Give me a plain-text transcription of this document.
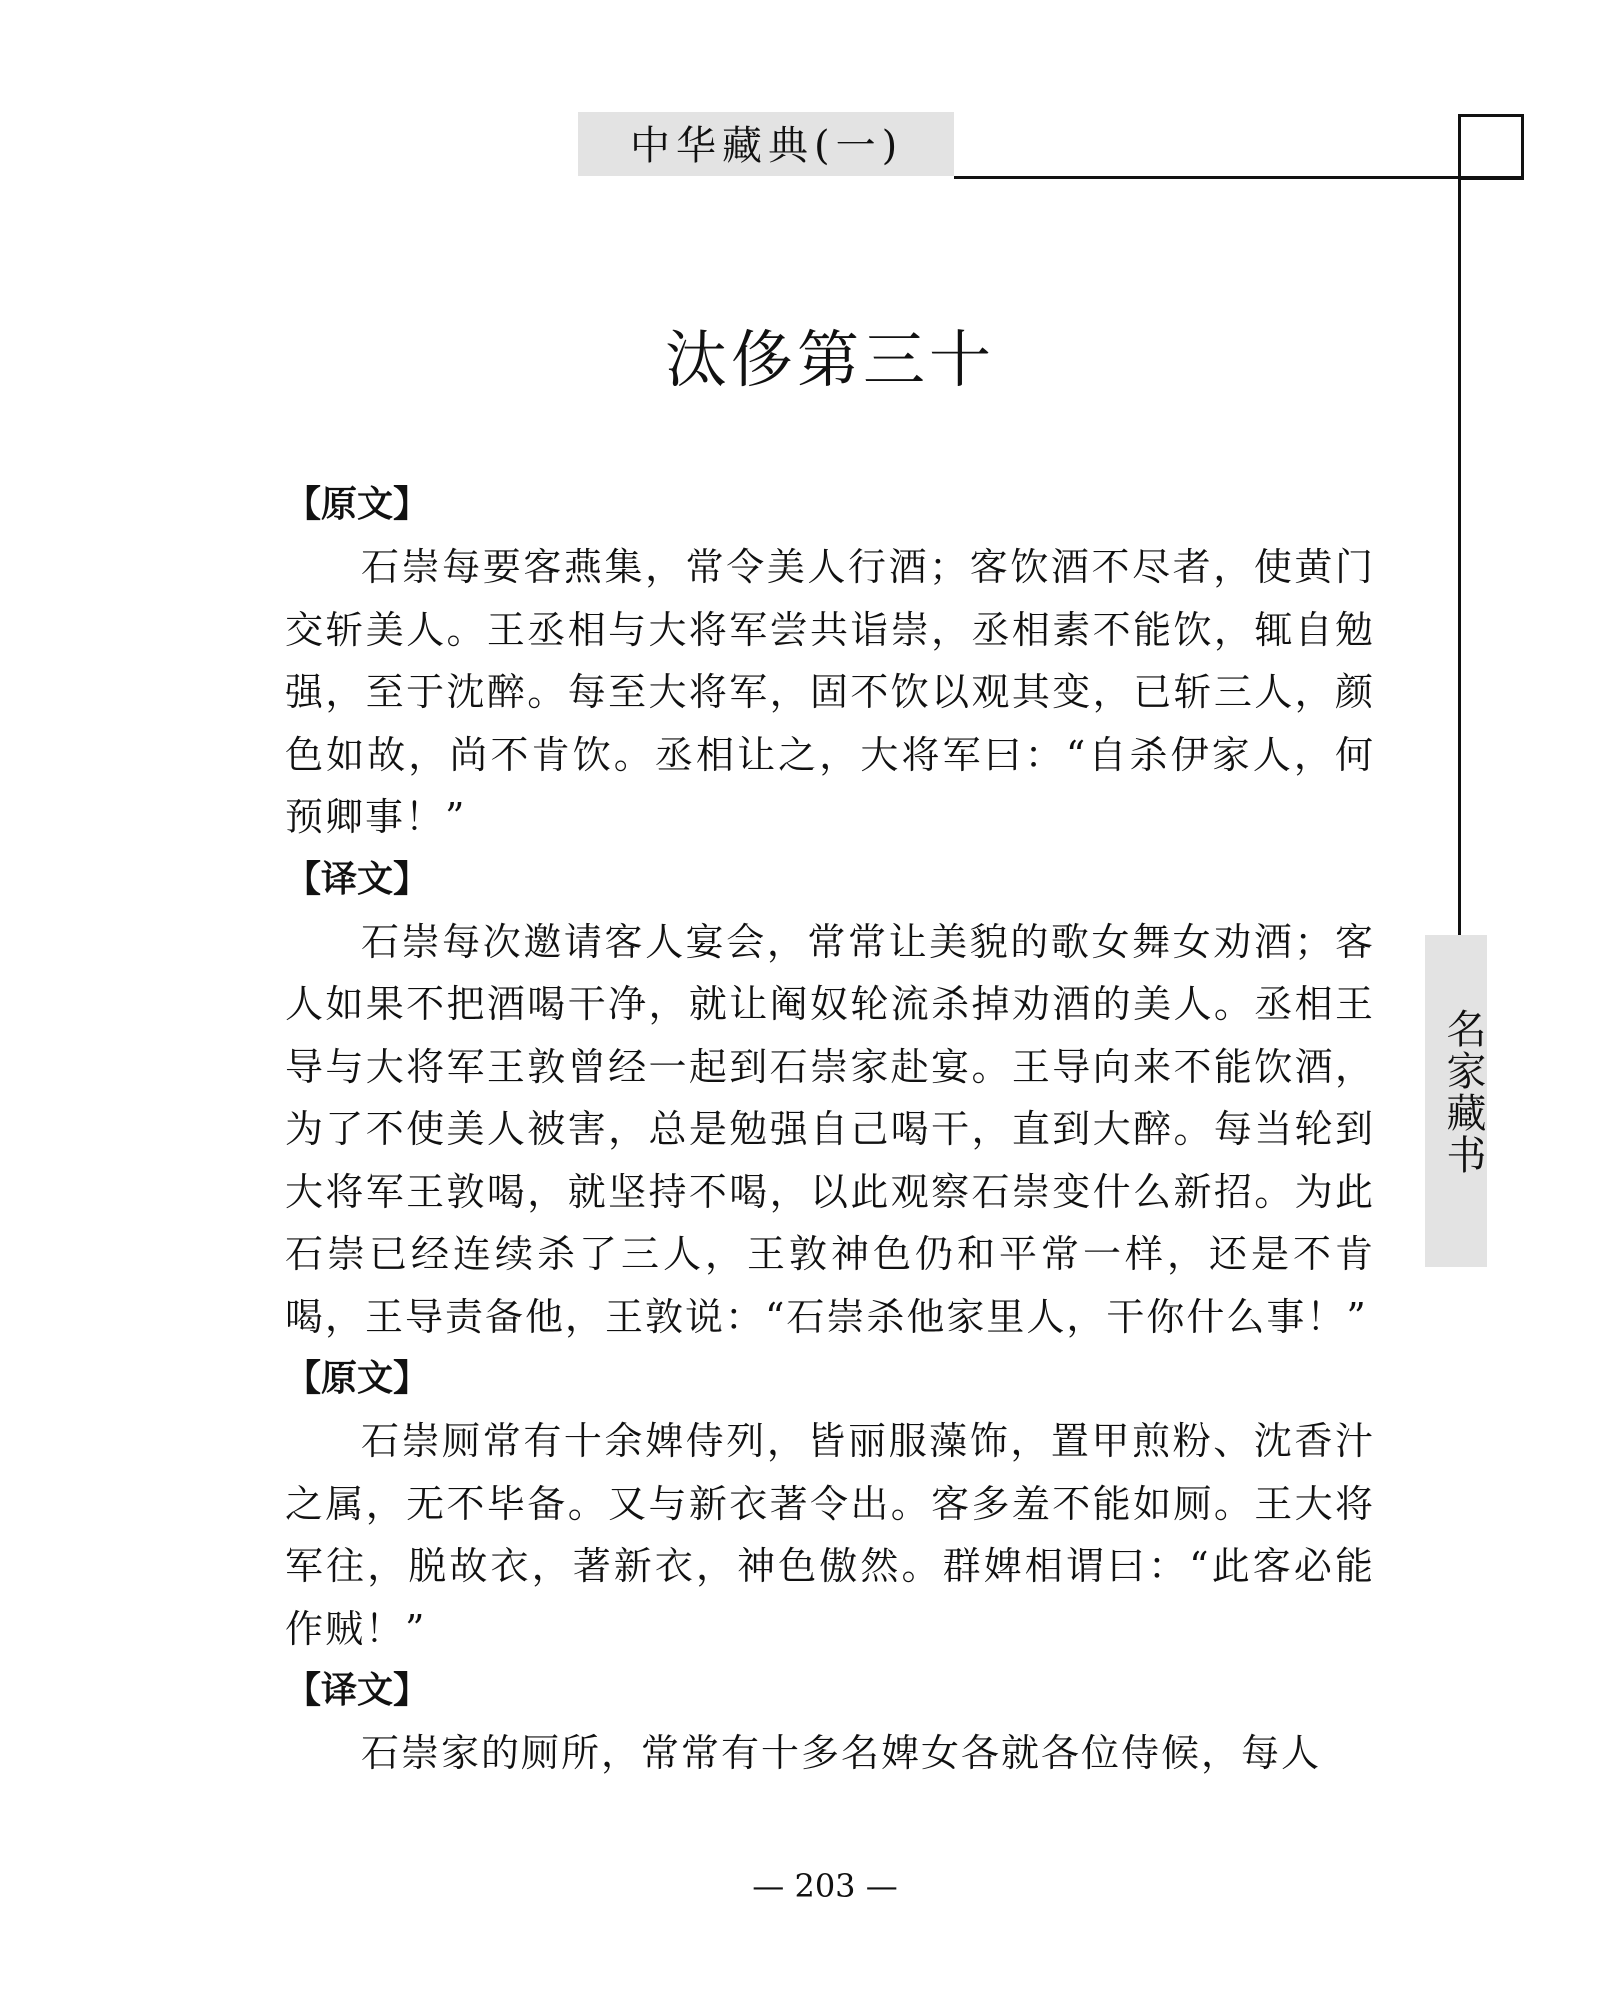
中华藏典(一)
名家藏书
汰侈第三十
【原文】

石崇每要客燕集，常令美人行酒；客饮酒不尽者，使黄门交斩美人。王丞相与大将军尝共诣崇，丞相素不能饮，辄自勉强，至于沈醉。每至大将军，固不饮以观其变，已斩三人，颜色如故，尚不肯饮。丞相让之，大将军曰：“自杀伊家人，何预卿事！”

【译文】

石崇每次邀请客人宴会，常常让美貌的歌女舞女劝酒；客人如果不把酒喝干净，就让阉奴轮流杀掉劝酒的美人。丞相王导与大将军王敦曾经一起到石崇家赴宴。王导向来不能饮酒，为了不使美人被害，总是勉强自己喝干，直到大醉。每当轮到大将军王敦喝，就坚持不喝，以此观察石崇变什么新招。为此石崇已经连续杀了三人，王敦神色仍和平常一样，还是不肯喝，王导责备他，王敦说：“石崇杀他家里人，干你什么事！”

【原文】

石崇厕常有十余婢侍列，皆丽服藻饰，置甲煎粉、沈香汁之属，无不毕备。又与新衣著令出。客多羞不能如厕。王大将军往，脱故衣，著新衣，神色傲然。群婢相谓曰：“此客必能作贼！”

【译文】

石崇家的厕所，常常有十多名婢女各就各位侍候，每人

— 203 —
